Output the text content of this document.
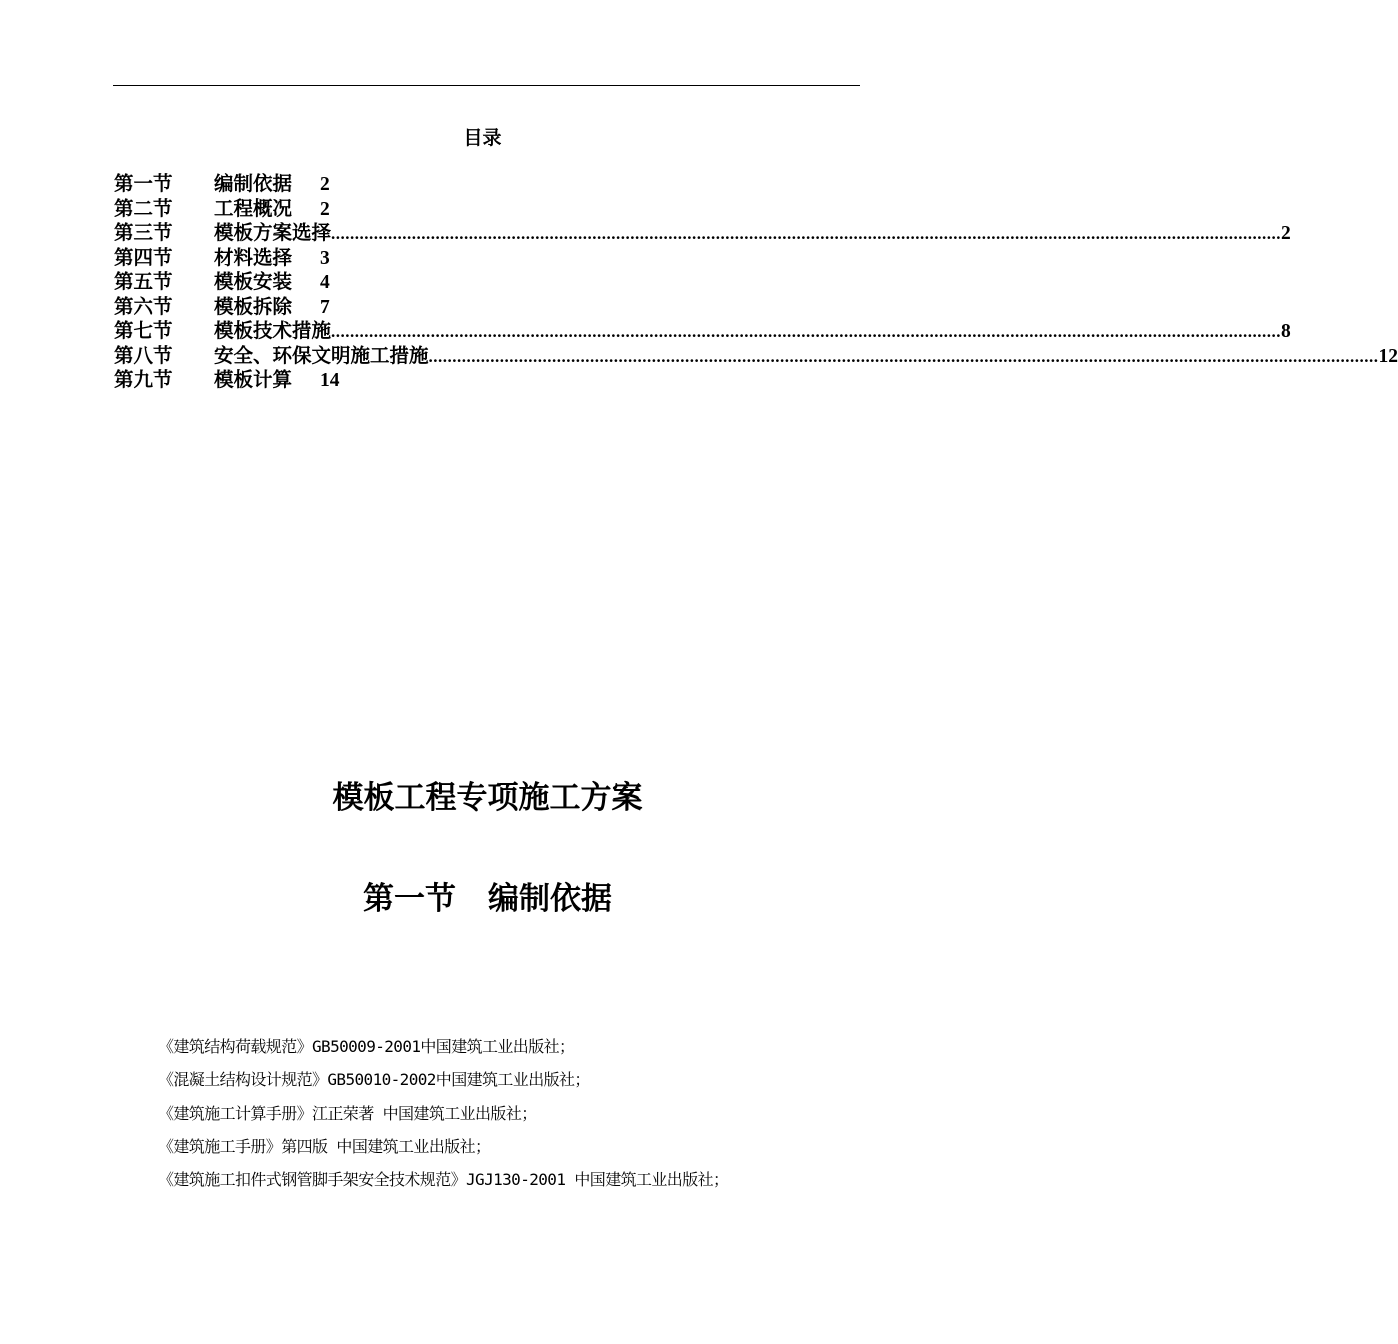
目录
第一节	编制依据 2
第二节	工程概况 2
第三节	模板方案选择 ........................................................................................................................................................................................................ 2
第四节	材料选择 3
第五节	模板安装 4
第六节	模板拆除 7
第七节	模板技术措施 ........................................................................................................................................................................................................ 8
第八节	安全、环保文明施工措施 ........................................................................................................................................................................................................ 12
第九节	模板计算 14
模板工程专项施工方案
第一节 编制依据
《建筑结构荷载规范》GB50009-2001中国建筑工业出版社；
《混凝土结构设计规范》GB50010-2002中国建筑工业出版社；
《建筑施工计算手册》江正荣著 中国建筑工业出版社；
《建筑施工手册》第四版 中国建筑工业出版社；
《建筑施工扣件式钢管脚手架安全技术规范》JGJ130-2001 中国建筑工业出版社；
